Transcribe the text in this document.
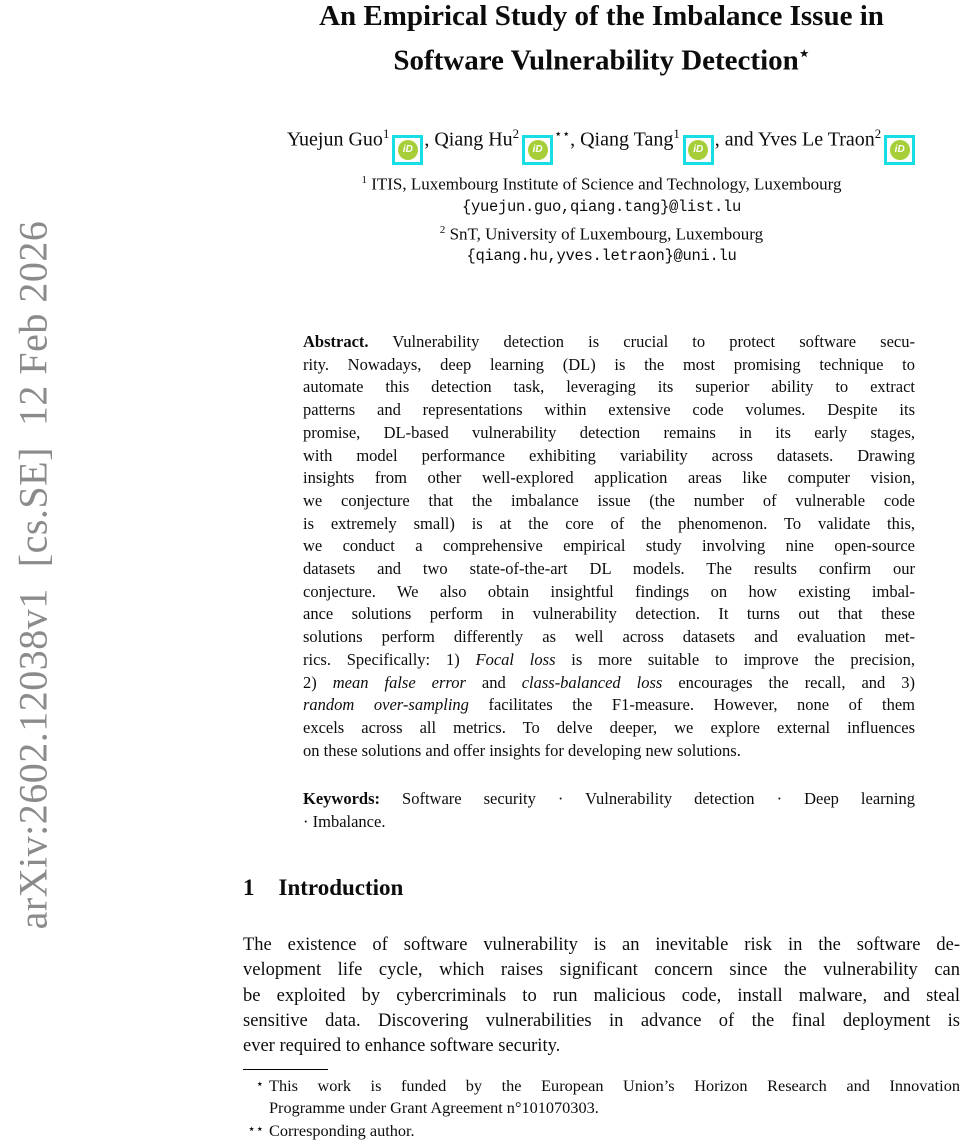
arXiv:2602.12038v1  [cs.SE]  12 Feb 2026
An Empirical Study of the Imbalance Issue in
Software Vulnerability Detection⋆
Yuejun Guo$^1$
iD , Qiang Hu$^2$
iD
⋆⋆, Qiang Tang$^1$
iD , and Yves Le Traon$^2$
iD
$^1$ ITIS, Luxembourg Institute of Science and Technology, Luxembourg
{yuejun.guo,qiang.tang}@list.lu
$^2$ SnT, University of Luxembourg, Luxembourg
{qiang.hu,yves.letraon}@uni.lu
Abstract. Vulnerability detection is crucial to protect software secu-
rity. Nowadays, deep learning (DL) is the most promising technique to
automate this detection task, leveraging its superior ability to extract
patterns and representations within extensive code volumes. Despite its
promise, DL-based vulnerability detection remains in its early stages,
with model performance exhibiting variability across datasets. Drawing
insights from other well-explored application areas like computer vision,
we conjecture that the imbalance issue (the number of vulnerable code
is extremely small) is at the core of the phenomenon. To validate this,
we conduct a comprehensive empirical study involving nine open-source
datasets and two state-of-the-art DL models. The results confirm our
conjecture. We also obtain insightful findings on how existing imbal-
ance solutions perform in vulnerability detection. It turns out that these
solutions perform differently as well across datasets and evaluation met-
rics. Specifically: 1) Focal loss is more suitable to improve the precision,
2) mean false error and class-balanced loss encourages the recall, and 3)
random over-sampling facilitates the F1-measure. However, none of them
excels across all metrics. To delve deeper, we explore external influences
on these solutions and offer insights for developing new solutions.
Keywords: Software security · Vulnerability detection · Deep learning
· Imbalance.
1 Introduction
The existence of software vulnerability is an inevitable risk in the software de-
velopment life cycle, which raises significant concern since the vulnerability can
be exploited by cybercriminals to run malicious code, install malware, and steal
sensitive data. Discovering vulnerabilities in advance of the final deployment is
ever required to enhance software security.
⋆ This work is funded by the European Union’s Horizon Research and Innovation
Programme under Grant Agreement n°101070303.
⋆⋆ Corresponding author.
